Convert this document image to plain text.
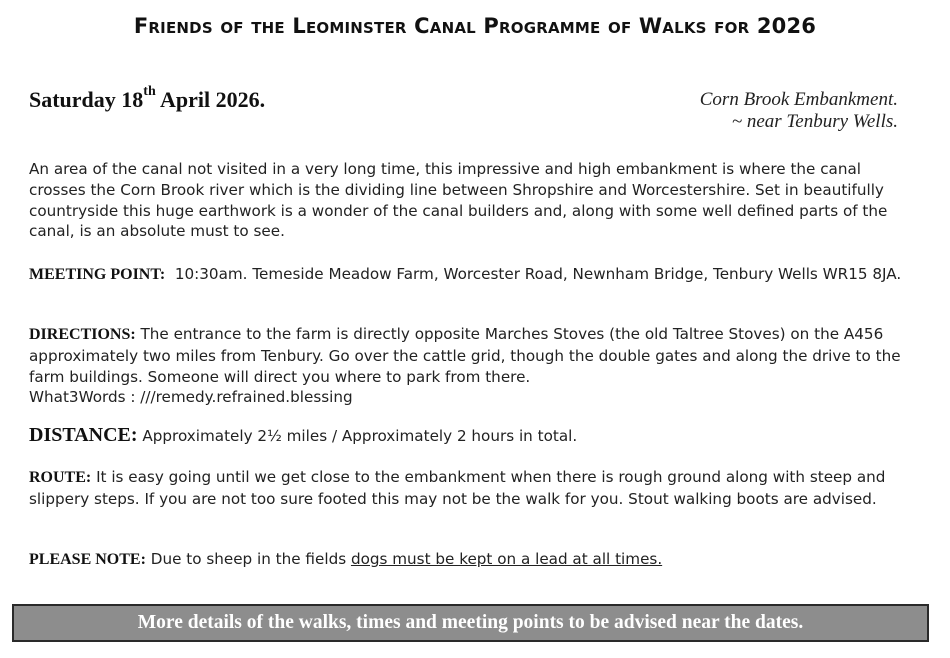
Friends of the Leominster Canal Programme of Walks for 2026
Saturday 18th April 2026.	Corn Brook Embankment.
~ near Tenbury Wells.
An area of the canal not visited in a very long time, this impressive and high embankment is where the canal crosses the Corn Brook river which is the dividing line between Shropshire and Worcestershire. Set in beautifully countryside this huge earthwork is a wonder of the canal builders and, along with some well defined parts of the canal, is an absolute must to see.
MEETING POINT: 10:30am. Temeside Meadow Farm, Worcester Road, Newnham Bridge, Tenbury Wells WR15 8JA.
DIRECTIONS: The entrance to the farm is directly opposite Marches Stoves (the old Taltree Stoves) on the A456 approximately two miles from Tenbury. Go over the cattle grid, though the double gates and along the drive to the farm buildings. Someone will direct you where to park from there.
What3Words : ///remedy.refrained.blessing
DISTANCE: Approximately 2½ miles / Approximately 2 hours in total.
ROUTE: It is easy going until we get close to the embankment when there is rough ground along with steep and slippery steps. If you are not too sure footed this may not be the walk for you. Stout walking boots are advised.
PLEASE NOTE: Due to sheep in the fields dogs must be kept on a lead at all times.
More details of the walks, times and meeting points to be advised near the dates.
